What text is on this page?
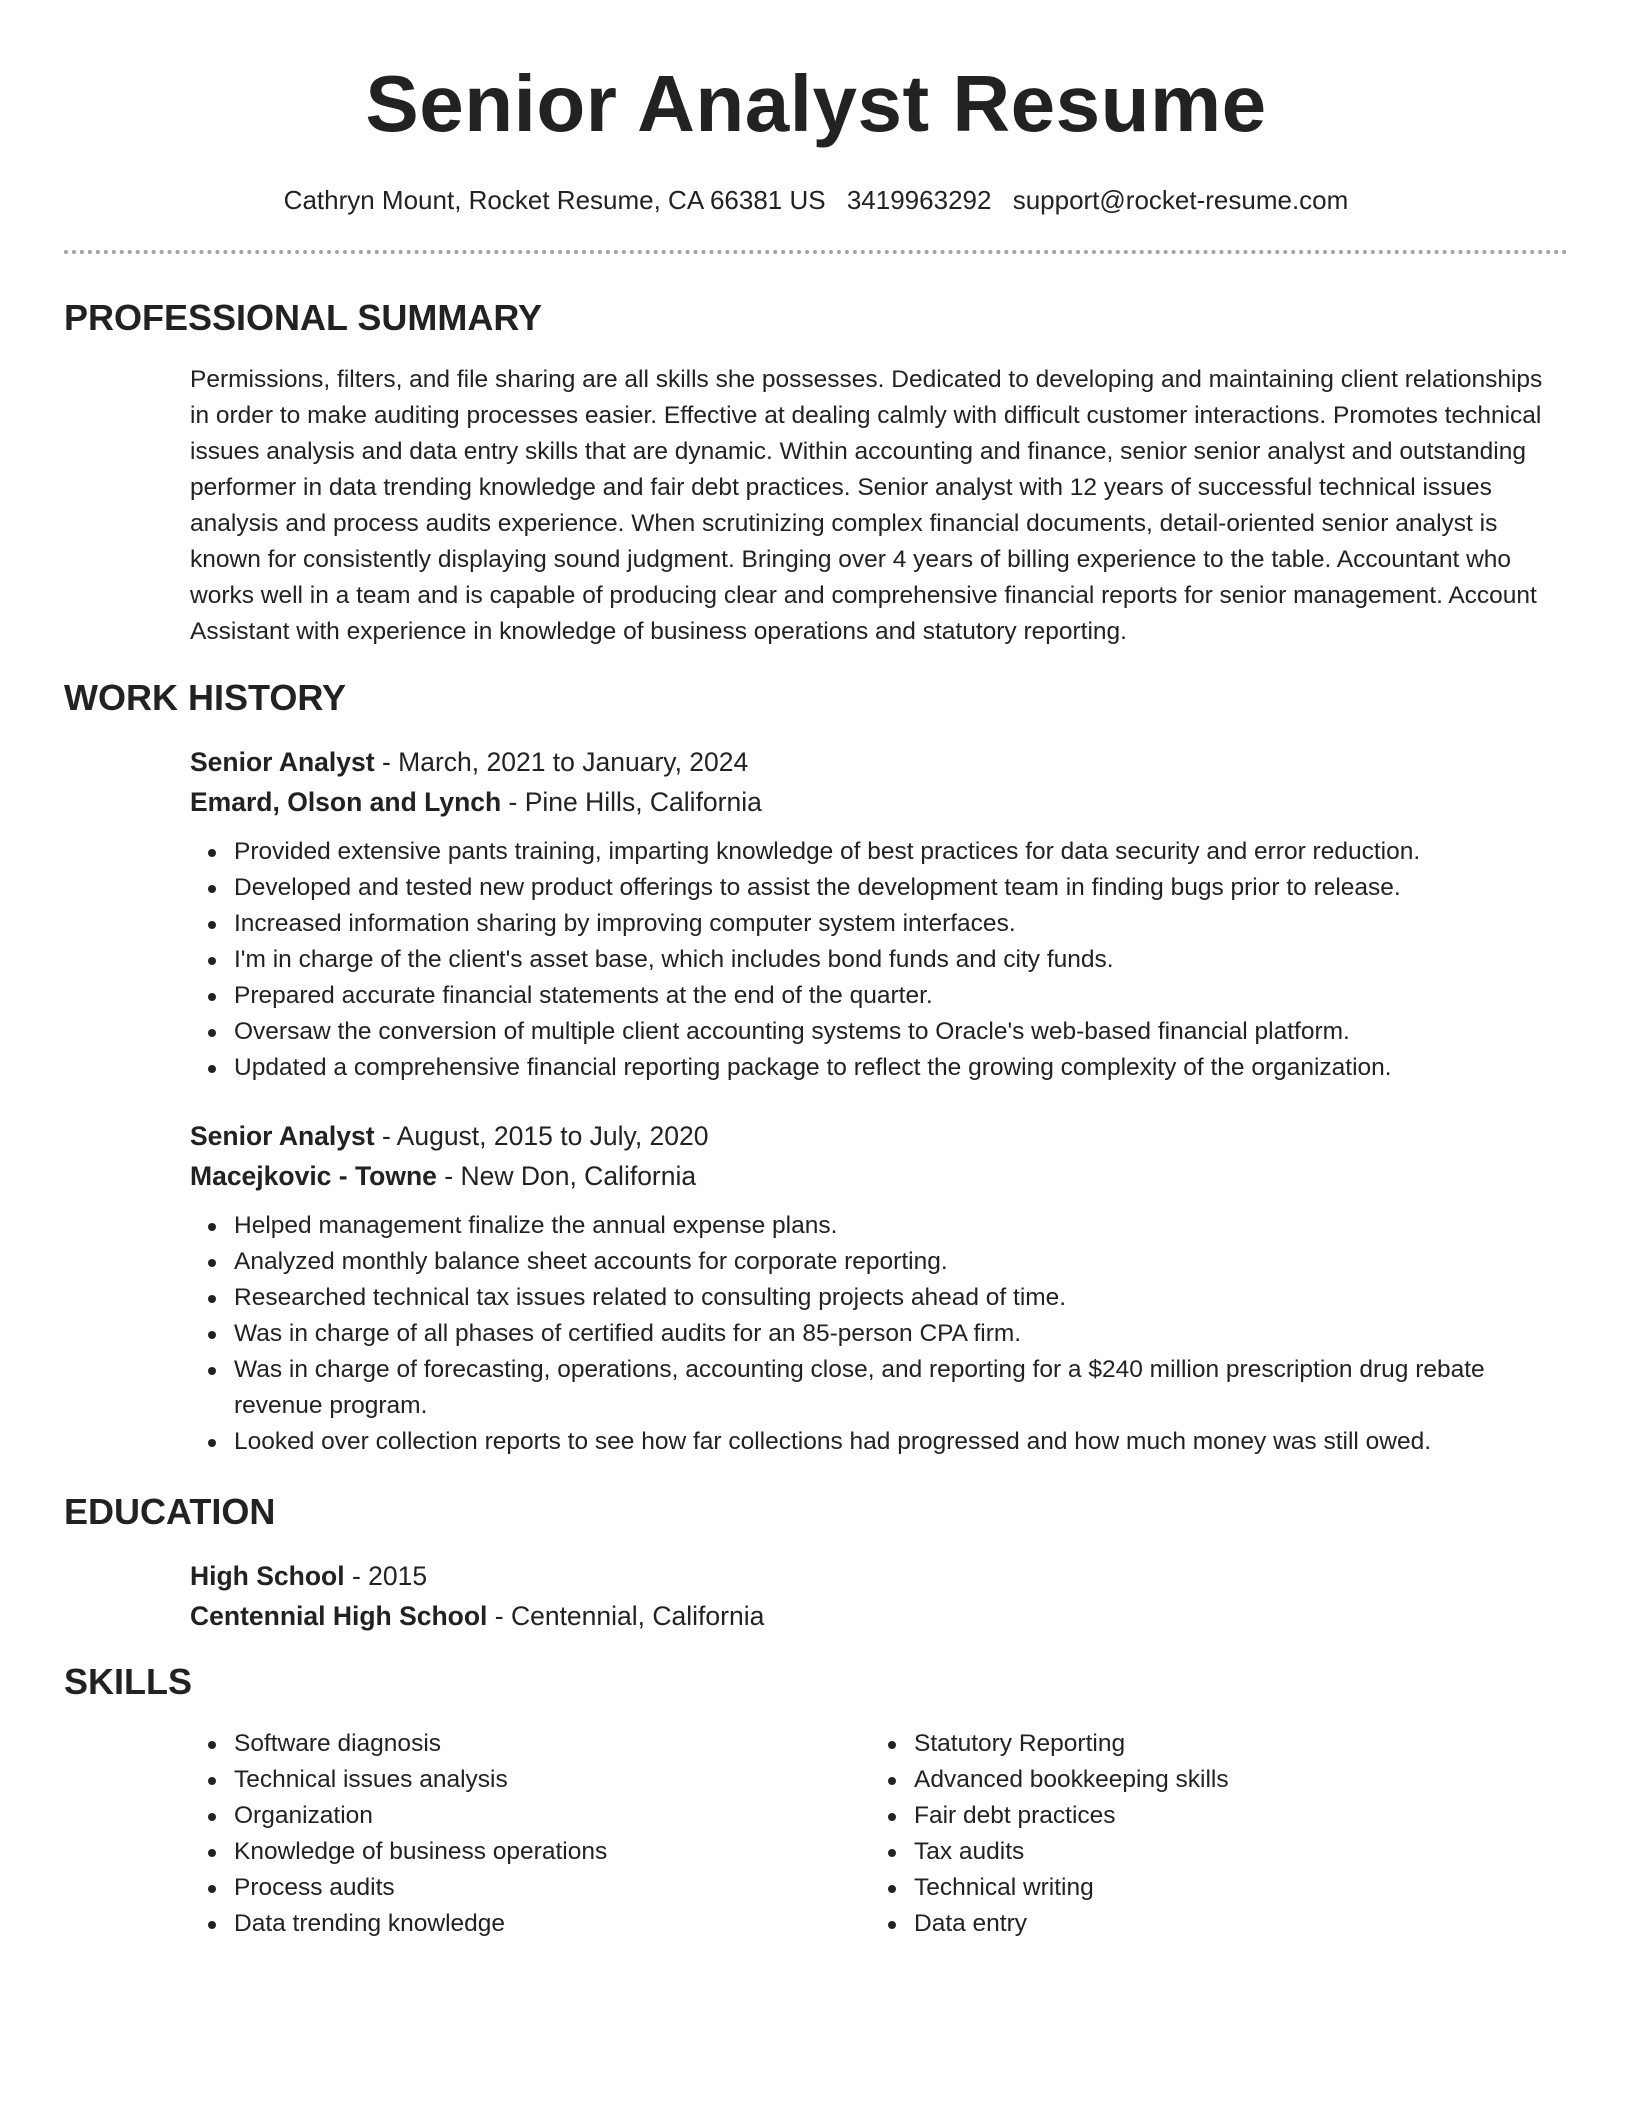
Senior Analyst Resume
Cathryn Mount, Rocket Resume, CA 66381 US 3419963292 support@rocket-resume.com
PROFESSIONAL SUMMARY

Permissions, filters, and file sharing are all skills she possesses. Dedicated to developing and maintaining client relationships in order to make auditing processes easier. Effective at dealing calmly with difficult customer interactions. Promotes technical issues analysis and data entry skills that are dynamic. Within accounting and finance, senior senior analyst and outstanding performer in data trending knowledge and fair debt practices. Senior analyst with 12 years of successful technical issues analysis and process audits experience. When scrutinizing complex financial documents, detail-oriented senior analyst is known for consistently displaying sound judgment. Bringing over 4 years of billing experience to the table. Accountant who works well in a team and is capable of producing clear and comprehensive financial reports for senior management. Account Assistant with experience in knowledge of business operations and statutory reporting.

WORK HISTORY
Senior Analyst - March, 2021 to January, 2024
Emard, Olson and Lynch - Pine Hills, California
Provided extensive pants training, imparting knowledge of best practices for data security and error reduction.
Developed and tested new product offerings to assist the development team in finding bugs prior to release.
Increased information sharing by improving computer system interfaces.
I'm in charge of the client's asset base, which includes bond funds and city funds.
Prepared accurate financial statements at the end of the quarter.
Oversaw the conversion of multiple client accounting systems to Oracle's web-based financial platform.
Updated a comprehensive financial reporting package to reflect the growing complexity of the organization.
Senior Analyst - August, 2015 to July, 2020
Macejkovic - Towne - New Don, California
Helped management finalize the annual expense plans.
Analyzed monthly balance sheet accounts for corporate reporting.
Researched technical tax issues related to consulting projects ahead of time.
Was in charge of all phases of certified audits for an 85-person CPA firm.
Was in charge of forecasting, operations, accounting close, and reporting for a $240 million prescription drug rebate revenue program.
Looked over collection reports to see how far collections had progressed and how much money was still owed.
EDUCATION
High School - 2015
Centennial High School - Centennial, California
SKILLS
Software diagnosis
Technical issues analysis
Organization
Knowledge of business operations
Process audits
Data trending knowledge
Statutory Reporting
Advanced bookkeeping skills
Fair debt practices
Tax audits
Technical writing
Data entry
